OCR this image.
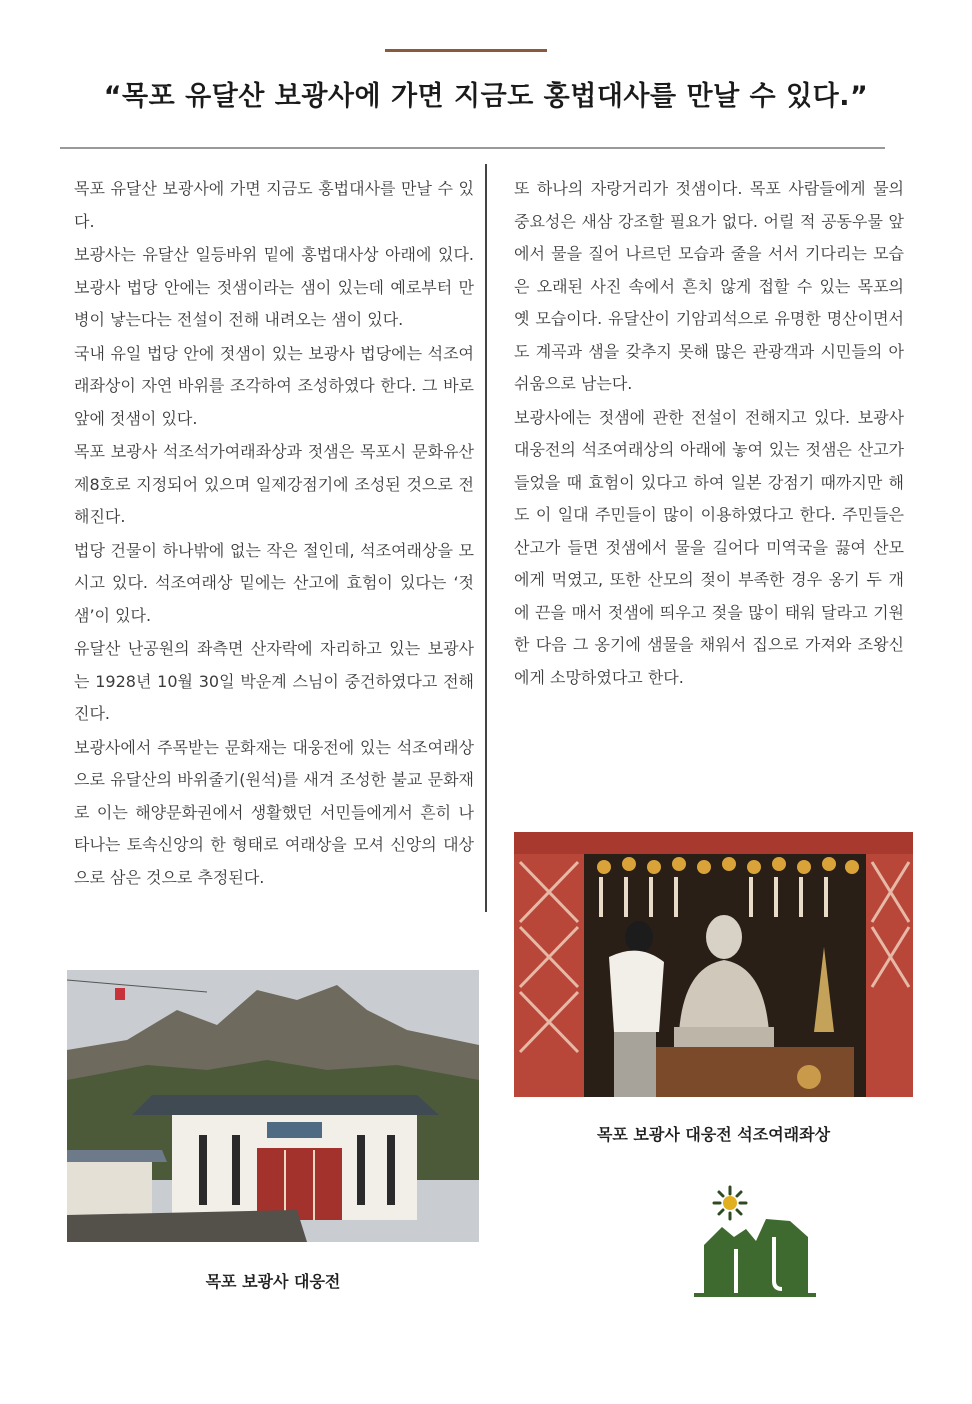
“목포 유달산 보광사에 가면 지금도 홍법대사를 만날 수 있다.”

목포 유달산 보광사에 가면 지금도 홍법대사를 만날 수 있다.

보광사는 유달산 일등바위 밑에 홍법대사상 아래에 있다. 보광사 법당 안에는 젓샘이라는 샘이 있는데 예로부터 만병이 낳는다는 전설이 전해 내려오는 샘이 있다.

국내 유일 법당 안에 젓샘이 있는 보광사 법당에는 석조여래좌상이 자연 바위를 조각하여 조성하였다 한다. 그 바로 앞에 젓샘이 있다.

목포 보광사 석조석가여래좌상과 젓샘은 목포시 문화유산 제8호로 지정되어 있으며 일제강점기에 조성된 것으로 전해진다.

법당 건물이 하나밖에 없는 작은 절인데, 석조여래상을 모시고 있다. 석조여래상 밑에는 산고에 효험이 있다는 ‘젓샘’이 있다.

유달산 난공원의 좌측면 산자락에 자리하고 있는 보광사는 1928년 10월 30일 박운계 스님이 중건하였다고 전해진다.

보광사에서 주목받는 문화재는 대웅전에 있는 석조여래상으로 유달산의 바위줄기(원석)를 새겨 조성한 불교 문화재로 이는 해양문화권에서 생활했던 서민들에게서 흔히 나타나는 토속신앙의 한 형태로 여래상을 모셔 신앙의 대상으로 삼은 것으로 추정된다.

또 하나의 자랑거리가 젓샘이다. 목포 사람들에게 물의 중요성은 새삼 강조할 필요가 없다. 어릴 적 공동우물 앞에서 물을 질어 나르던 모습과 줄을 서서 기다리는 모습은 오래된 사진 속에서 흔치 않게 접할 수 있는 목포의 옛 모습이다. 유달산이 기암괴석으로 유명한 명산이면서도 계곡과 샘을 갖추지 못해 많은 관광객과 시민들의 아쉬움으로 남는다.

보광사에는 젓샘에 관한 전설이 전해지고 있다. 보광사 대웅전의 석조여래상의 아래에 놓여 있는 젓샘은 산고가 들었을 때 효험이 있다고 하여 일본 강점기 때까지만 해도 이 일대 주민들이 많이 이용하였다고 한다. 주민들은 산고가 들면 젓샘에서 물을 길어다 미역국을 끓여 산모에게 먹였고, 또한 산모의 젖이 부족한 경우 옹기 두 개에 끈을 매서 젓샘에 띄우고 젖을 많이 태워 달라고 기원한 다음 그 옹기에 샘물을 채워서 집으로 가져와 조왕신에게 소망하였다고 한다.

목포 보광사 대웅전 석조여래좌상

목포 보광사 대웅전
